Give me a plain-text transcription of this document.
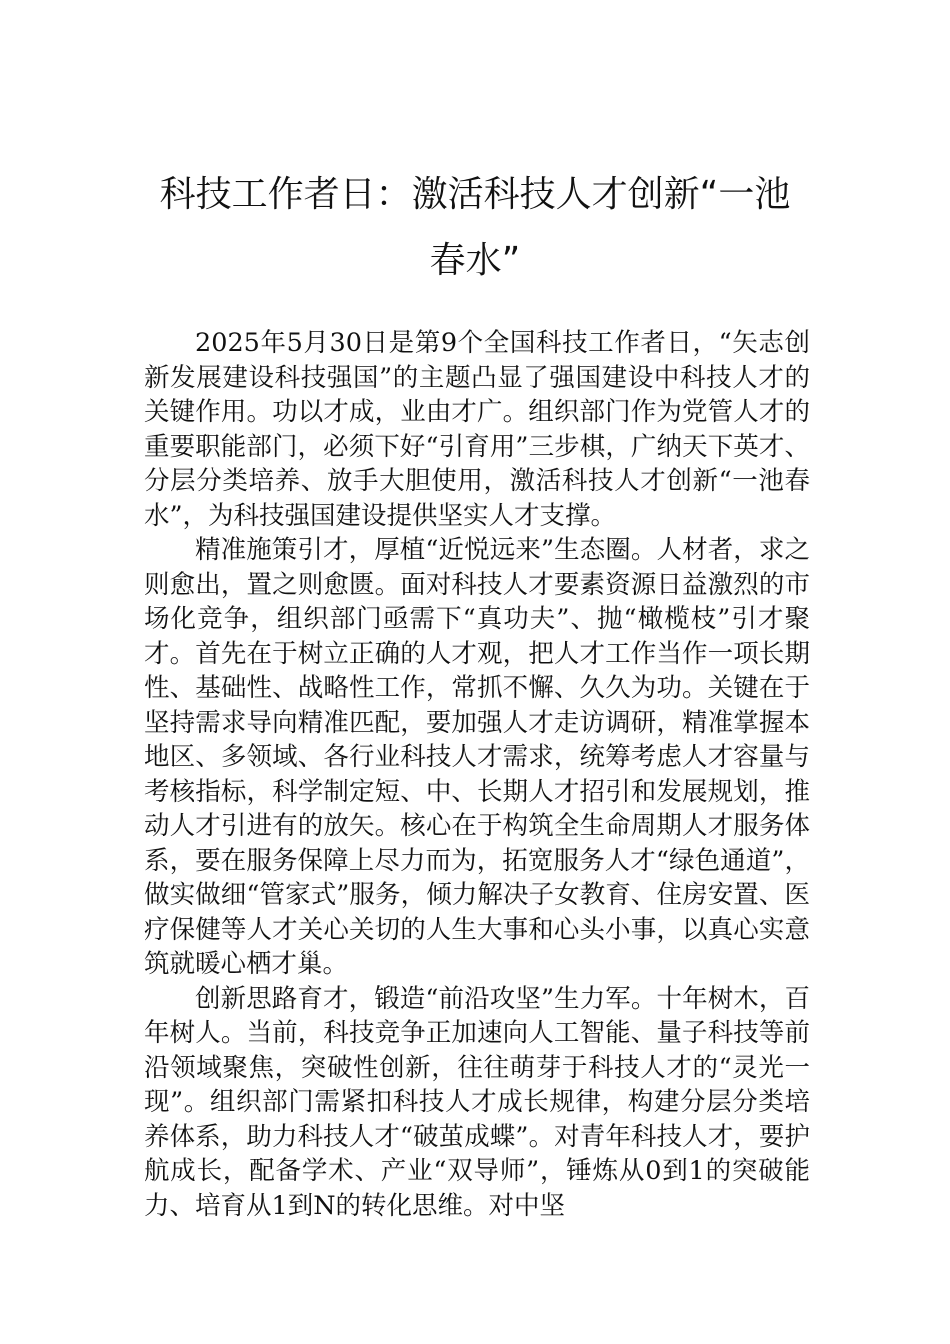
科技工作者日：激活科技人才创新“一池
春水”

2025年5月30日是第9个全国科技工作者日，“矢志创新发展建设科技强国”的主题凸显了强国建设中科技人才的关键作用。功以才成，业由才广。组织部门作为党管人才的重要职能部门，必须下好“引育用”三步棋，广纳天下英才、分层分类培养、放手大胆使用，激活科技人才创新“一池春水”，为科技强国建设提供坚实人才支撑。

精准施策引才，厚植“近悦远来”生态圈。人材者，求之则愈出，置之则愈匮。面对科技人才要素资源日益激烈的市场化竞争，组织部门亟需下“真功夫”、抛“橄榄枝”引才聚才。首先在于树立正确的人才观，把人才工作当作一项长期性、基础性、战略性工作，常抓不懈、久久为功。关键在于坚持需求导向精准匹配，要加强人才走访调研，精准掌握本地区、多领域、各行业科技人才需求，统筹考虑人才容量与考核指标，科学制定短、中、长期人才招引和发展规划，推动人才引进有的放矢。核心在于构筑全生命周期人才服务体系，要在服务保障上尽力而为，拓宽服务人才“绿色通道”，做实做细“管家式”服务，倾力解决子女教育、住房安置、医疗保健等人才关心关切的人生大事和心头小事，以真心实意筑就暖心栖才巢。

创新思路育才，锻造“前沿攻坚”生力军。十年树木，百年树人。当前，科技竞争正加速向人工智能、量子科技等前沿领域聚焦，突破性创新，往往萌芽于科技人才的“灵光一现”。组织部门需紧扣科技人才成长规律，构建分层分类培养体系，助力科技人才“破茧成蝶”。对青年科技人才，要护航成长，配备学术、产业“双导师”，锤炼从0到1的突破能力、培育从1到N的转化思维。对中坚
